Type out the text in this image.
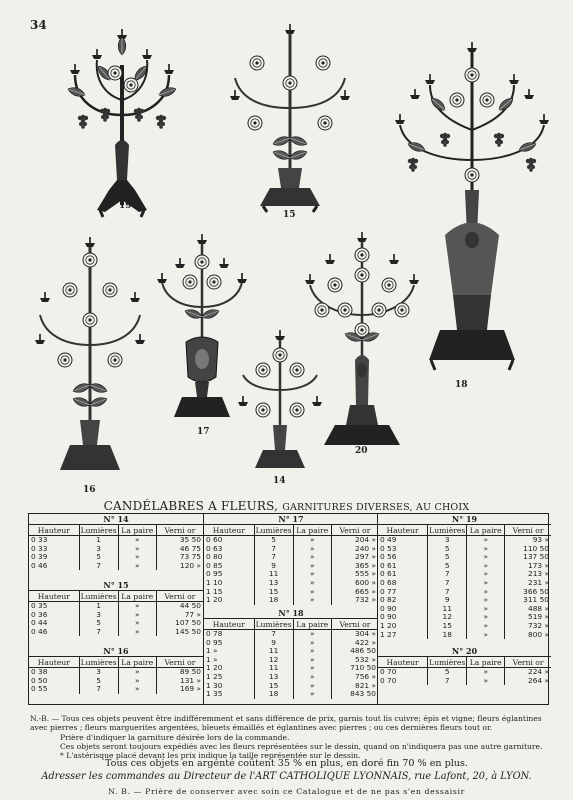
34
19
15
18
16
17
14
20
CANDÉLABRES A FLEURS, GARNITURES DIVERSES, AU CHOIX
N° 14
Hauteur	Lumières	La paire	Verni or
0 33	1	»	35 50
0 33	3	»	46 75
0 39	5	»	73 75
0 46	7	»	120 »
N° 15
Hauteur	Lumières	La paire	Verni or
0 35	1	»	44 50
0 36	3	»	77 »
0 44	5	»	107 50
0 46	7	»	145 50
N° 16
Hauteur	Lumières	La paire	Verni or
0 38	3	»	89 50
0 50	5	»	131 »
0 55	7	»	169 »
N° 17
Hauteur	Lumières	La paire	Verni or
0 60	5	»	204 »
0 63	7	»	240 »
0 80	7	»	297 »
0 85	9	»	365 »
0 95	11	»	555 »
1 10	13	»	600 »
1 15	15	»	665 »
1 20	18	»	732 »
N° 18
Hauteur	Lumières	La paire	Verni or
0 78	7	»	304 »
0 95	9	»	422 »
1 »	11	»	486 50
1 »	12	»	532 »
1 20	11	»	710 50
1 25	13	»	756 »
1 30	15	»	821 »
1 35	18	»	843 50
N° 19
Hauteur	Lumières	La paire	Verni or
0 49	3	»	93 »
0 53	5	»	110 50
0 56	5	»	137 50
0 61	5	»	173 »
0 61	7	»	213 »
0 68	7	»	231 »
0 77	7	»	366 50
0 82	9	»	311 50
0 90	11	»	488 »
0 90	12	»	519 »
1 20	15	»	732 »
1 27	18	»	800 »
N° 20
Hauteur	Lumières	La paire	Verni or
0 70	5	»	224 »
0 70	7	»	264 »

N.-B. — Tous ces objets peuvent être indifféremment et sans différence de prix, garnis tout lis cuivre; épis et vigne; fleurs églantines

avec pierres ; fleurs marguerites argentées, bleuets émaillés et églantines avec pierres ; ou ces dernières fleurs tout or.

Prière d'indiquer la garniture désirée lors de la commande.

Ces objets seront toujours expédiés avec les fleurs représentées sur le dessin, quand on n'indiquera pas une autre garniture.

* L'astérisque placé devant les prix indique la taille représentée sur le dessin.

Tous ces objets en argenté coûtent 35 % en plus, en doré fin 70 % en plus.
Adresser les commandes au Directeur de l'ART CATHOLIQUE LYONNAIS, rue Lafont, 20, à LYON.
N. B. — Prière de conserver avec soin ce Catalogue et de ne pas s'en dessaisir
